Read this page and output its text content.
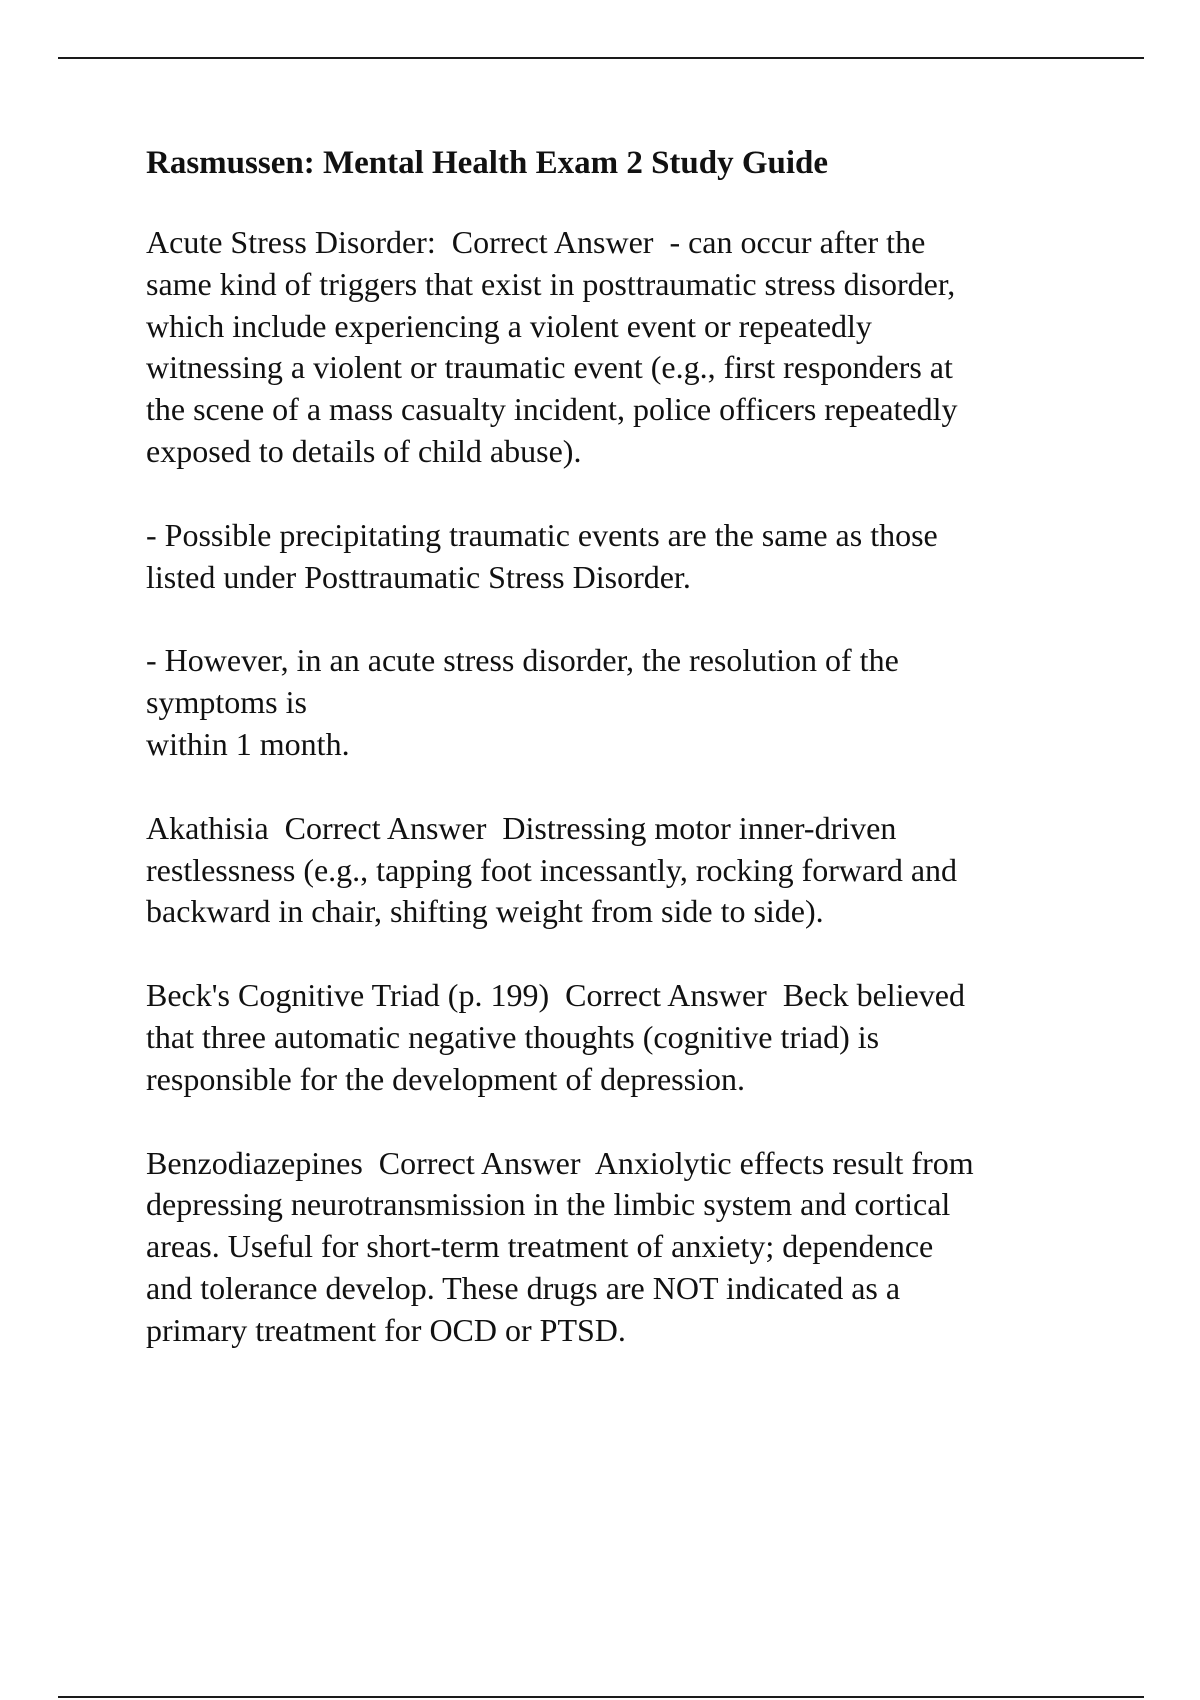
Rasmussen: Mental Health Exam 2 Study Guide
Acute Stress Disorder:  Correct Answer  - can occur after the
same kind of triggers that exist in posttraumatic stress disorder,
which include experiencing a violent event or repeatedly
witnessing a violent or traumatic event (e.g., first responders at
the scene of a mass casualty incident, police officers repeatedly
exposed to details of child abuse).
- Possible precipitating traumatic events are the same as those
listed under Posttraumatic Stress Disorder.
- However, in an acute stress disorder, the resolution of the
symptoms is
within 1 month.
Akathisia  Correct Answer  Distressing motor inner-driven
restlessness (e.g., tapping foot incessantly, rocking forward and
backward in chair, shifting weight from side to side).
Beck's Cognitive Triad (p. 199)  Correct Answer  Beck believed
that three automatic negative thoughts (cognitive triad) is
responsible for the development of depression.
Benzodiazepines  Correct Answer  Anxiolytic effects result from
depressing neurotransmission in the limbic system and cortical
areas. Useful for short-term treatment of anxiety; dependence
and tolerance develop. These drugs are NOT indicated as a
primary treatment for OCD or PTSD.
